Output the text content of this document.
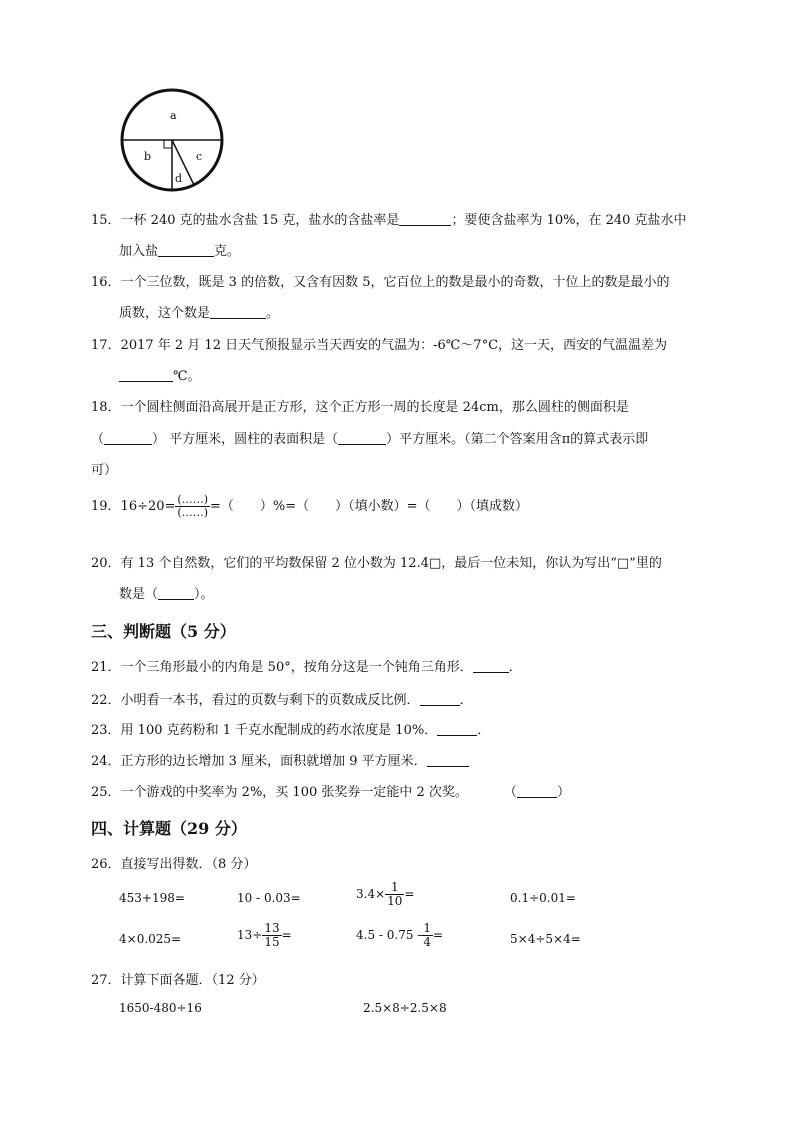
a
b	c
d
15．一杯 240 克的盐水含盐 15 克，盐水的含盐率是	；要使含盐率为 10%，在 240 克盐水中
加入盐	克。
16．一个三位数，既是 3 的倍数，又含有因数 5，它百位上的数是最小的奇数，十位上的数是最小的
质数，这个数是	。
17．2017 年 2 月 12 日天气预报显示当天西安的气温为：-6℃～7°C，这一天，西安的气温温差为
℃。
18．一个圆柱侧面沿高展开是正方形，这个正方形一周的长度是 24cm，那么圆柱的侧面积是
（	） 平方厘米，圆柱的表面积是（	）平方厘米。（第二个答案用含π的算式表示即
可）
19．$16\div 20= \frac{(\dots\dots)}{(\dots\dots)}$ =（　　）%=（　　）（填小数）=（　　）（填成数）
20．有 13 个自然数，它们的平均数保留 2 位小数为 12.4□，最后一位未知，你认为写出“□”里的
数是（	）。
三、判断题（5 分）
21．一个三角形最小的内角是 50°，按角分这是一个钝角三角形．	．
22．小明看一本书，看过的页数与剩下的页数成反比例．	．
23．用 100 克药粉和 1 千克水配制成的药水浓度是 10%．	．
24．正方形的边长增加 3 厘米，面积就增加 9 平方厘米．
25．一个游戏的中奖率为 2%，买 100 张奖券一定能中 2 次奖。	（	）
四、计算题（29 分）
26．直接写出得数．（8 分）
453+198=	10 - 0.03=	$3.4\times \frac{1}{10}$ =	0.1÷0.01=
4×0.025=	$13\div \frac{13}{15}$ =	$4.5 - 0.75 - \frac{1}{4}$ =	5×4÷5×4=
27．计算下面各题．（12 分）
1650-480÷16	2.5×8÷2.5×8
